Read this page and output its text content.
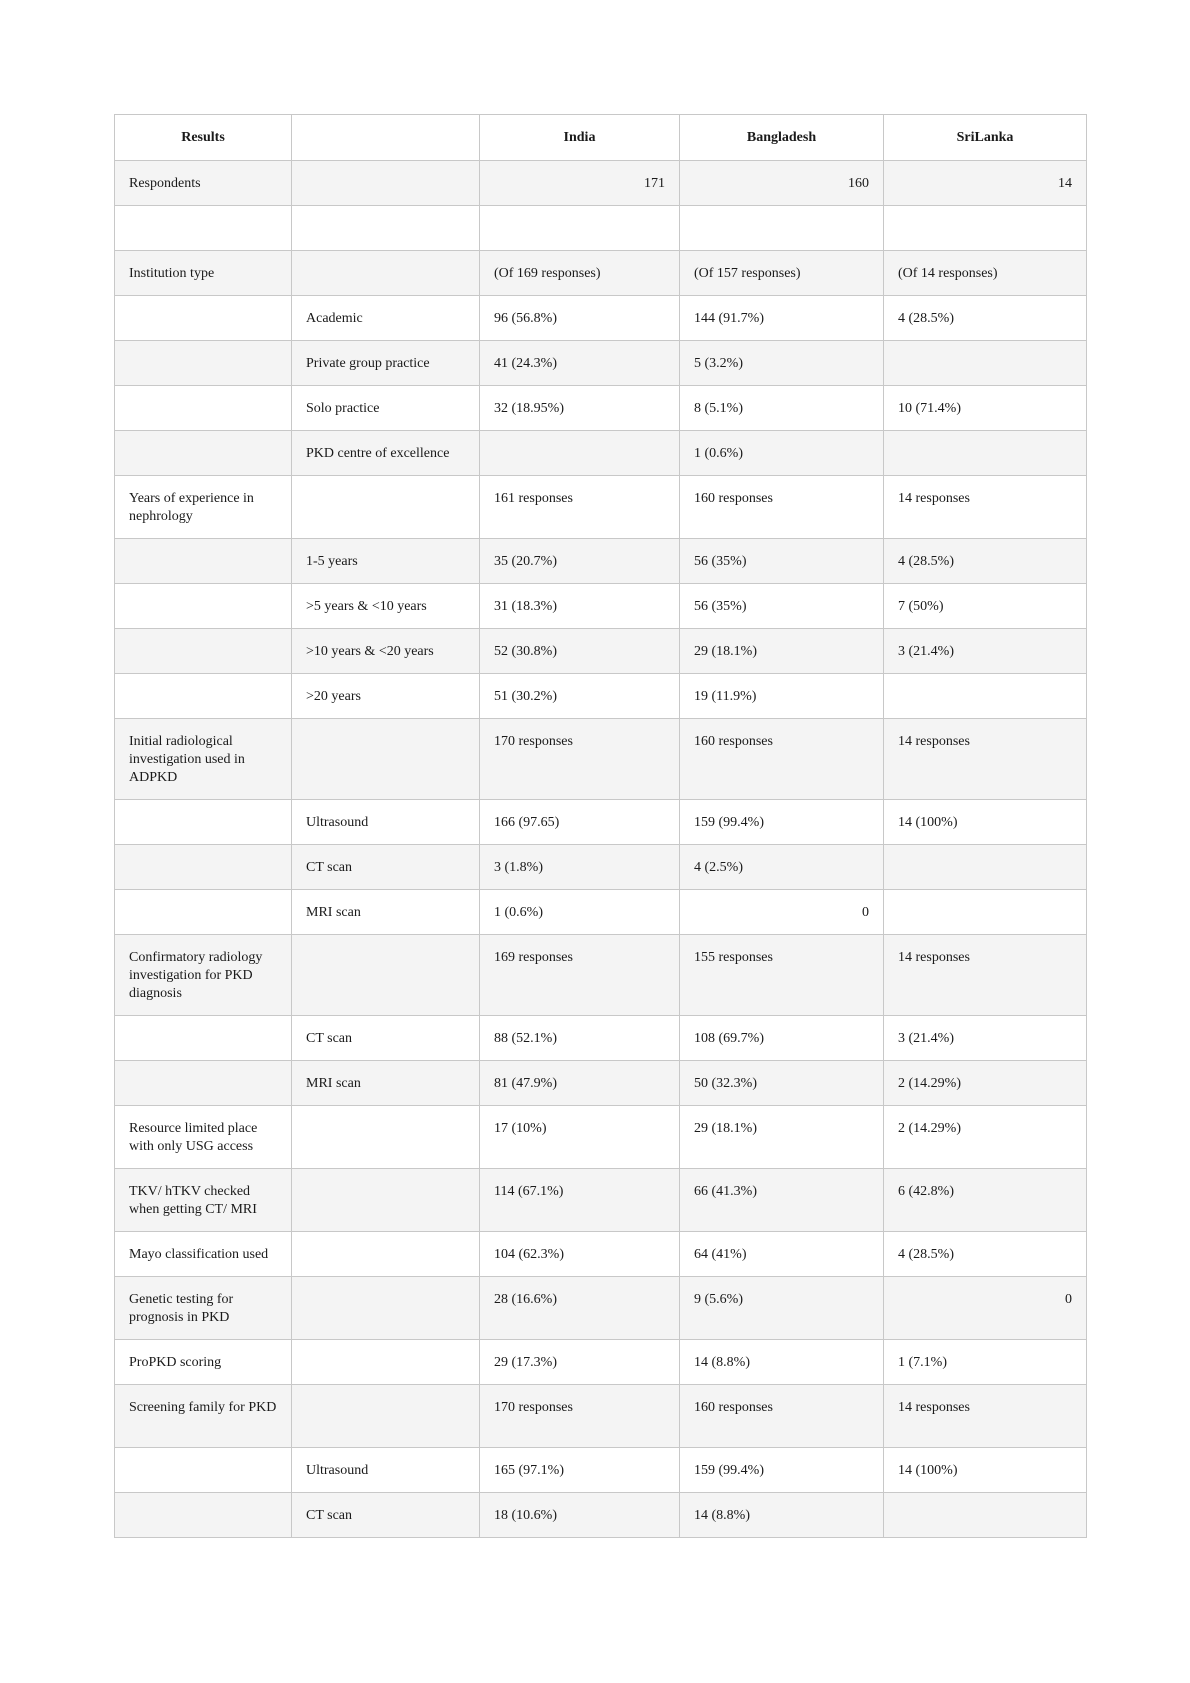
Results		India	Bangladesh	SriLanka
Respondents		171	160	14

Institution type		(Of 169 responses)	(Of 157 responses)	(Of 14 responses)
	Academic	96 (56.8%)	144 (91.7%)	4 (28.5%)
	Private group practice	41 (24.3%)	5 (3.2%)	
	Solo practice	32 (18.95%)	8 (5.1%)	10 (71.4%)
	PKD centre of excellence		1 (0.6%)	
Years of experience in nephrology		161 responses	160 responses	14 responses
	1-5 years	35 (20.7%)	56 (35%)	4 (28.5%)
	>5 years & <10 years	31 (18.3%)	56 (35%)	7 (50%)
	>10 years & <20 years	52 (30.8%)	29 (18.1%)	3 (21.4%)
	>20 years	51 (30.2%)	19 (11.9%)	
Initial radiological investigation used in ADPKD		170 responses	160 responses	14 responses
	Ultrasound	166 (97.65)	159 (99.4%)	14 (100%)
	CT scan	3 (1.8%)	4 (2.5%)	
	MRI scan	1 (0.6%)	0	
Confirmatory radiology investigation for PKD diagnosis		169 responses	155 responses	14 responses
	CT scan	88 (52.1%)	108 (69.7%)	3 (21.4%)
	MRI scan	81 (47.9%)	50 (32.3%)	2 (14.29%)
Resource limited place with only USG access		17 (10%)	29 (18.1%)	2 (14.29%)
TKV/ hTKV checked when getting CT/ MRI		114 (67.1%)	66 (41.3%)	6 (42.8%)
Mayo classification used		104 (62.3%)	64 (41%)	4 (28.5%)
Genetic testing for prognosis in PKD		28 (16.6%)	9 (5.6%)	0
ProPKD scoring		29 (17.3%)	14 (8.8%)	1 (7.1%)
Screening family for PKD		170 responses	160 responses	14 responses
	Ultrasound	165 (97.1%)	159 (99.4%)	14 (100%)
	CT scan	18 (10.6%)	14 (8.8%)	
